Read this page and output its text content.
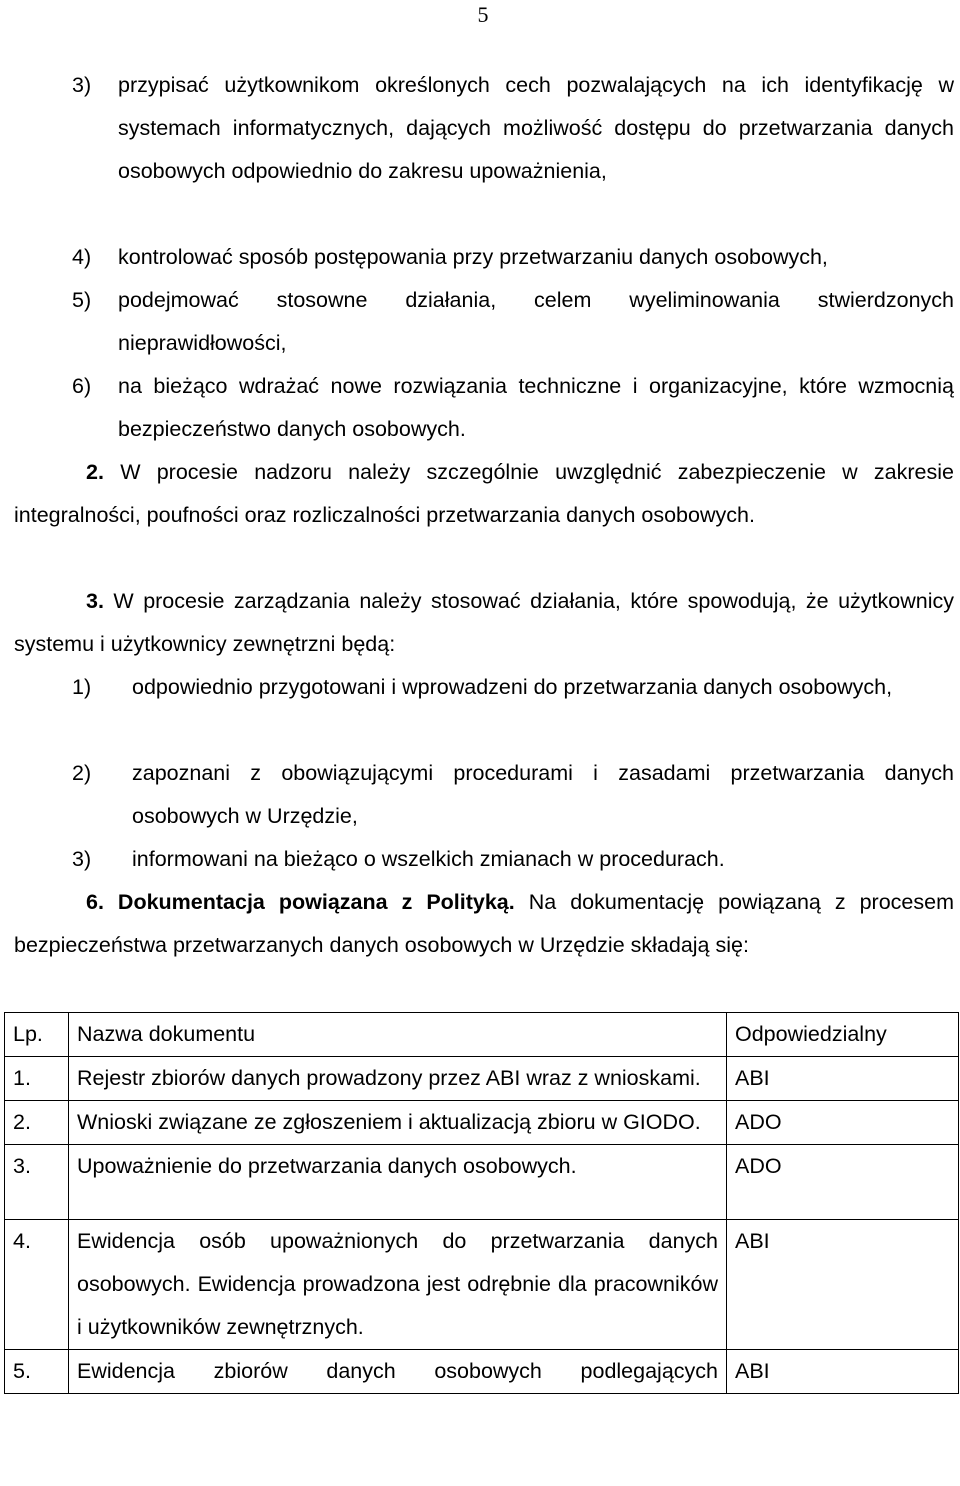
5
3) przypisać użytkownikom określonych cech pozwalających na ich identyfikację w systemach informatycznych, dających możliwość dostępu do przetwarzania danych osobowych odpowiednio do zakresu upoważnienia,
4) kontrolować sposób postępowania przy przetwarzaniu danych osobowych,
5) podejmować stosowne działania, celem wyeliminowania stwierdzonych nieprawidłowości,
6) na bieżąco wdrażać nowe rozwiązania techniczne i organizacyjne, które wzmocnią bezpieczeństwo danych osobowych.
2. W procesie nadzoru należy szczególnie uwzględnić zabezpieczenie w zakresie integralności, poufności oraz rozliczalności przetwarzania danych osobowych.
3. W procesie zarządzania należy stosować działania, które spowodują, że użytkownicy systemu i użytkownicy zewnętrzni będą:
1) odpowiednio przygotowani i wprowadzeni do przetwarzania danych osobowych,
2) zapoznani z obowiązującymi procedurami i zasadami przetwarzania danych osobowych w Urzędzie,
3) informowani na bieżąco o wszelkich zmianach w procedurach.
6. Dokumentacja powiązana z Polityką. Na dokumentację powiązaną z procesem bezpieczeństwa przetwarzanych danych osobowych w Urzędzie składają się:
Lp.	Nazwa dokumentu	Odpowiedzialny
1.	Rejestr zbiorów danych prowadzony przez ABI wraz z wnioskami.	ABI
2.	Wnioski związane ze zgłoszeniem i aktualizacją zbioru w GIODO.	ADO
3.	Upoważnienie do przetwarzania danych osobowych.	ADO
4.	Ewidencja osób upoważnionych do przetwarzania danych osobowych. Ewidencja prowadzona jest odrębnie dla pracowników i użytkowników zewnętrznych.	ABI
5.	Ewidencja zbiorów danych osobowych podlegających	ABI
